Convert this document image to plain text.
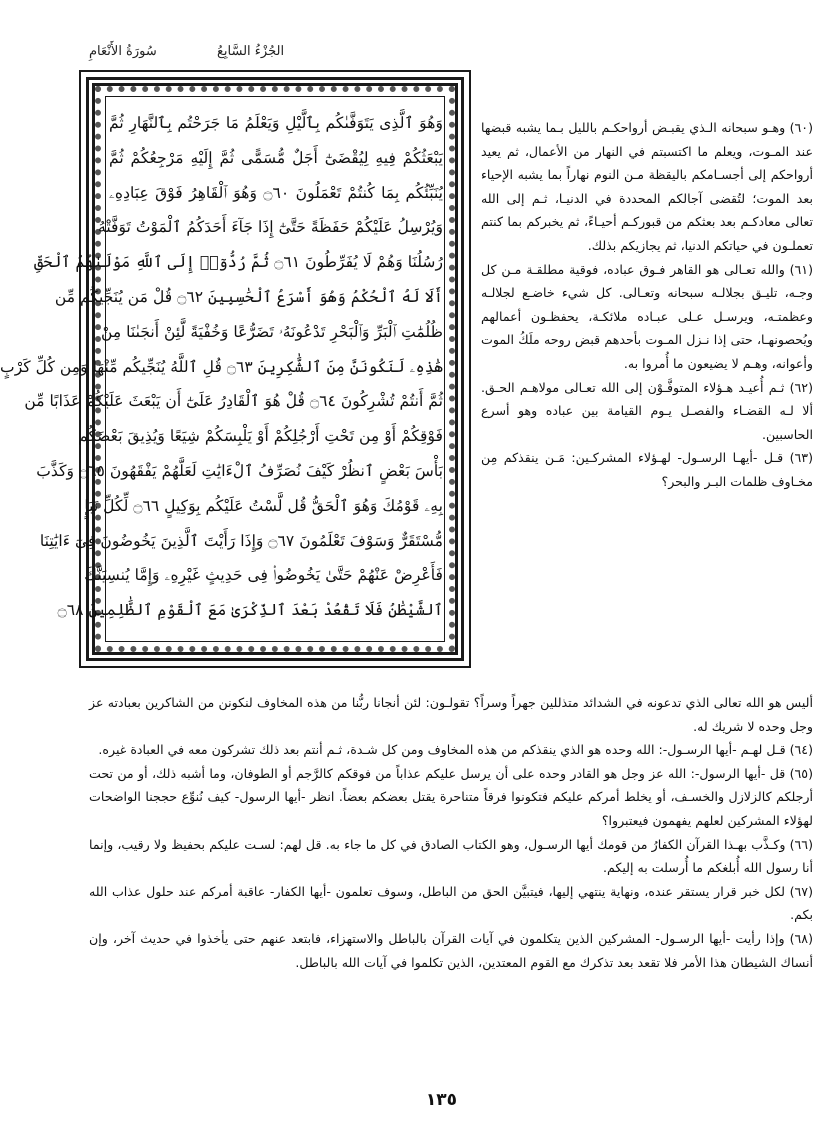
سُورَةُ الأَنْعَامِ	الجُزْءُ السَّابِعُ
وَهُوَ ٱلَّذِى يَتَوَفَّىٰكُم بِٱلَّيْلِ وَيَعْلَمُ مَا جَرَحْتُم بِٱلنَّهَارِ ثُمَّ
يَبْعَثُكُمْ فِيهِ لِيُقْضَىٰٓ أَجَلٌ مُّسَمًّى ثُمَّ إِلَيْهِ مَرْجِعُكُمْ ثُمَّ
يُنَبِّئُكُم بِمَا كُنتُمْ تَعْمَلُونَ ۝٦٠ وَهُوَ ٱلْقَاهِرُ فَوْقَ عِبَادِهِۦ
وَيُرْسِلُ عَلَيْكُمْ حَفَظَةً حَتَّىٰٓ إِذَا جَآءَ أَحَدَكُمُ ٱلْمَوْتُ تَوَفَّتْهُ
رُسُلُنَا وَهُمْ لَا يُفَرِّطُونَ ۝٦١ ثُمَّ رُدُّوٓا۟ إِلَى ٱللَّهِ مَوْلَىٰهُمُ ٱلْحَقِّ
أَلَا لَهُ ٱلْحُكْمُ وَهُوَ أَسْرَعُ ٱلْحَٰسِبِينَ ۝٦٢ قُلْ مَن يُنَجِّيكُم مِّن
ظُلُمَٰتِ ٱلْبَرِّ وَٱلْبَحْرِ تَدْعُونَهُۥ تَضَرُّعًا وَخُفْيَةً لَّئِنْ أَنجَىٰنَا مِنْ
هَٰذِهِۦ لَنَكُونَنَّ مِنَ ٱلشَّٰكِرِينَ ۝٦٣ قُلِ ٱللَّهُ يُنَجِّيكُم مِّنْهَا وَمِن كُلِّ كَرْبٍ
ثُمَّ أَنتُمْ تُشْرِكُونَ ۝٦٤ قُلْ هُوَ ٱلْقَادِرُ عَلَىٰٓ أَن يَبْعَثَ عَلَيْكُمْ عَذَابًا مِّن
فَوْقِكُمْ أَوْ مِن تَحْتِ أَرْجُلِكُمْ أَوْ يَلْبِسَكُمْ شِيَعًا وَيُذِيقَ بَعْضَكُم
بَأْسَ بَعْضٍ ٱنظُرْ كَيْفَ نُصَرِّفُ ٱلْءَايَٰتِ لَعَلَّهُمْ يَفْقَهُونَ ۝٦٥ وَكَذَّبَ
بِهِۦ قَوْمُكَ وَهُوَ ٱلْحَقُّ قُل لَّسْتُ عَلَيْكُم بِوَكِيلٍ ۝٦٦ لِّكُلِّ نَبَإٍ
مُّسْتَقَرٌّ وَسَوْفَ تَعْلَمُونَ ۝٦٧ وَإِذَا رَأَيْتَ ٱلَّذِينَ يَخُوضُونَ فِىٓ ءَايَٰتِنَا
فَأَعْرِضْ عَنْهُمْ حَتَّىٰ يَخُوضُوا۟ فِى حَدِيثٍ غَيْرِهِۦ وَإِمَّا يُنسِيَنَّكَ
ٱلشَّيْطَٰنُ فَلَا تَقْعُدْ بَعْدَ ٱلذِّكْرَىٰ مَعَ ٱلْقَوْمِ ٱلظَّٰلِمِينَ ۝٦٨

(٦٠) وهـو سبحانه الـذي يقبـض أرواحكـم بالليل بـما يشبه قبضها عند المـوت، ويعلم ما اكتسبتم في النهار من الأعمال، ثم يعيد أرواحكم إلى أجسـامكم باليقظة مـن النوم نهاراً بما يشبه الإحياء بعد الموت؛ لتُقضى آجالكم المحددة في الدنيـا، ثـم إلى الله تعالى معادكـم بعد بعثكم من قبوركـم أحيـاءً، ثم يخبركم بما كنتم تعملـون في حياتكم الدنيا، ثم يجازيكم بذلك.

(٦١) والله تعـالى هو القاهر فـوق عباده، فوقية مطلقـة مـن كل وجـه، تليـق بجلالـه سبحانه وتعـالى. كل شيء خاضـع لجلالـه وعظمتـه، ويرسـل عـلى عبـاده ملائكـة، يحفظـون أعمالهم ويُحصونهـا، حتى إذا نـزل المـوت بأحدهم قبض روحه ملَكُ الموت وأعوانه، وهـم لا يضيعون ما أُمروا به.

(٦٢) ثـم أُعيـد هـؤلاء المتوفَّـوْن إلى الله تعـالى مولاهـم الحـق. ألا لـه القضـاء والفصـل يـوم القيامة بين عباده وهو أسرع الحاسبين.

(٦٣) قـل -أيهـا الرسـول- لهـؤلاء المشركـين: مَـن ينقذكم مِن مخـاوف ظلمات البـر والبحر؟

أليس هو الله تعالى الذي تدعونه في الشدائد متذللين جهراً وسراً؟ تقولـون: لئن أنجانا ربُّنا من هذه المخاوف لنكونن من الشاكرين بعبادته عز وجل وحده لا شريك له.

(٦٤) قـل لهـم -أيها الرسـول-: الله وحده هو الذي ينقذكم من هذه المخاوف ومن كل شـدة، ثـم أنتم بعد ذلك تشركون معه في العبادة غيره.

(٦٥) قل -أيها الرسول-: الله عز وجل هو القادر وحده على أن يرسل عليكم عذاباً من فوقكم كالرَّجم أو الطوفان، وما أشبه ذلك، أو من تحت أرجلكم كالزلازل والخسـف، أو يخلط أمركم عليكم فتكونوا فرقاً متناحرة يقتل بعضكم بعضاً. انظر -أيها الرسول- كيف نُنوِّع حججنا الواضحات لهؤلاء المشركين لعلهم يفهمون فيعتبروا؟

(٦٦) وكـذَّب بهـذا القرآن الكفارُ من قومك أيها الرسـول، وهو الكتاب الصادق في كل ما جاء به. قل لهم: لسـت عليكم بحفيظ ولا رقيب، وإنما أنا رسول الله أُبلغكم ما أُرسلت به إليكم.

(٦٧) لكل خبر قرار يستقر عنده، ونهاية ينتهي إليها، فيتبيَّن الحق من الباطل، وسوف تعلمون -أيها الكفار- عاقبة أمركم عند حلول عذاب الله بكم.

(٦٨) وإذا رأيت -أيها الرسـول- المشركين الذين يتكلمون في آيات القرآن بالباطل والاستهزاء، فابتعد عنهم حتى يأخذوا في حديث آخر، وإن أنساك الشيطان هذا الأمر فلا تقعد بعد تذكرك مع القوم المعتدين، الذين تكلموا في آيات الله بالباطل.

١٣٥
